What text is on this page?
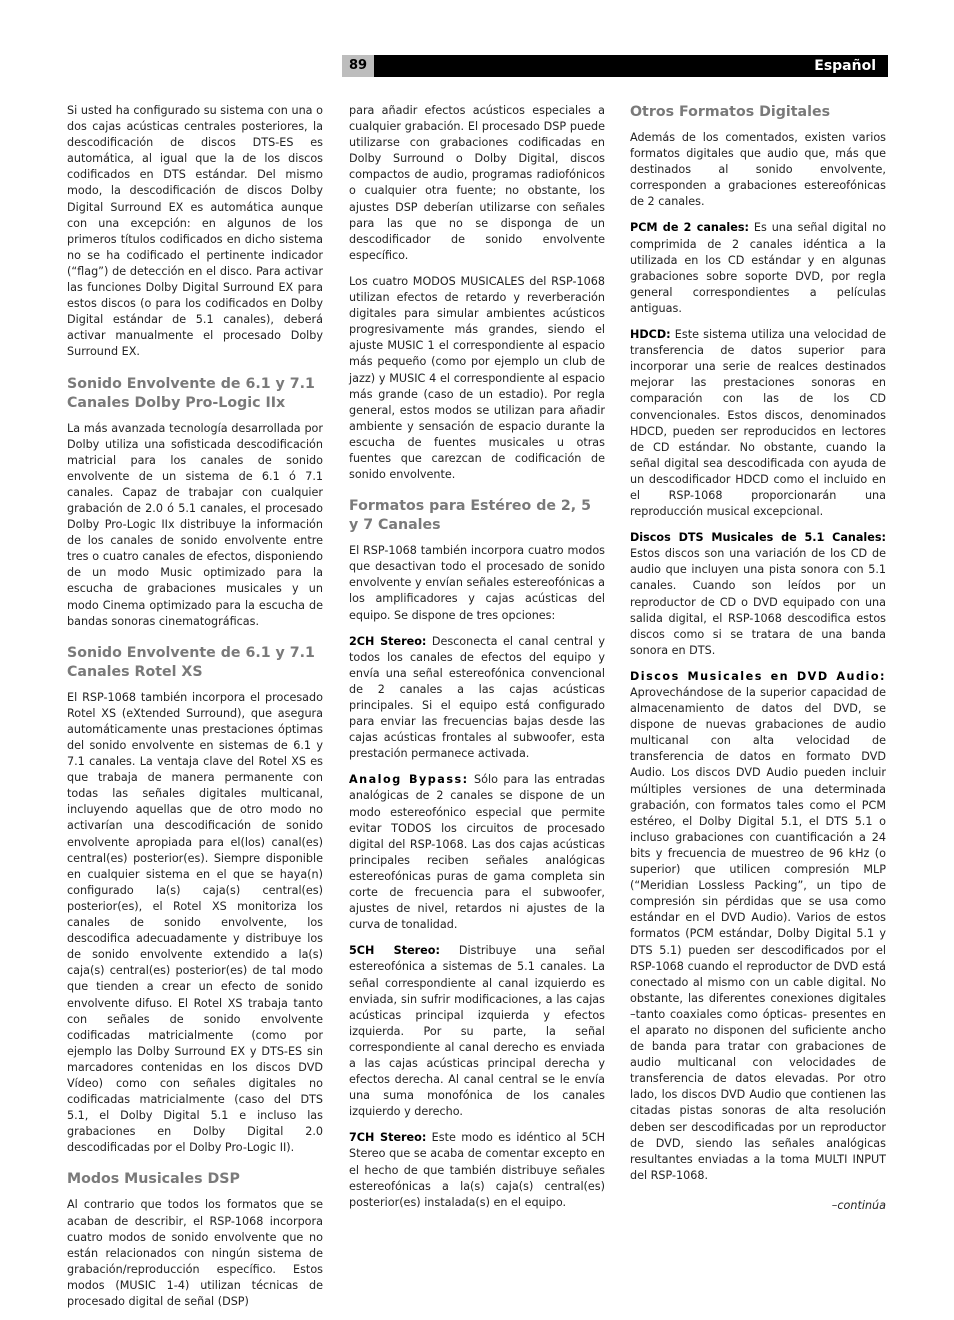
89	Español

Si usted ha configurado su sistema con una o dos cajas acústicas centrales posteriores, la descodificación de discos DTS-ES es automática, al igual que la de los discos codificados en DTS estándar. Del mismo modo, la descodificación de discos Dolby Digital Surround EX es automática aunque con una excepción: en algunos de los primeros títulos codificados en dicho sistema no se ha codificado el pertinente indicador (“flag”) de detección en el disco. Para activar las funciones Dolby Digital Surround EX para estos discos (o para los codificados en Dolby Digital estándar de 5.1 canales), deberá activar manualmente el procesado Dolby Surround EX.

Sonido Envolvente de 6.1 y 7.1 Canales Dolby Pro-Logic IIx

La más avanzada tecnología desarrollada por Dolby utiliza una sofisticada descodificación matricial para los canales de sonido envolvente de un sistema de 6.1 ó 7.1 canales. Capaz de trabajar con cualquier grabación de 2.0 ó 5.1 canales, el procesado Dolby Pro-Logic IIx distribuye la información de los canales de sonido envolvente entre tres o cuatro canales de efectos, disponiendo de un modo Music optimizado para la escucha de grabaciones musicales y un modo Cinema optimizado para la escucha de bandas sonoras cinematográficas.

Sonido Envolvente de 6.1 y 7.1 Canales Rotel XS

El RSP-1068 también incorpora el procesado Rotel XS (eXtended Surround), que asegura automáticamente unas prestaciones óptimas del sonido envolvente en sistemas de 6.1 y 7.1 canales. La ventaja clave del Rotel XS es que trabaja de manera permanente con todas las señales digitales multicanal, incluyendo aquellas que de otro modo no activarían una descodificación de sonido envolvente apropiada para el(los) canal(es) central(es) posterior(es). Siempre disponible en cualquier sistema en el que se haya(n) configurado la(s) caja(s) central(es) posterior(es), el Rotel XS monitoriza los canales de sonido envolvente, los descodifica adecuadamente y distribuye los de sonido envolvente extendido a la(s) caja(s) central(es) posterior(es) de tal modo que tienden a crear un efecto de sonido envolvente difuso. El Rotel XS trabaja tanto con señales de sonido envolvente codificadas matricialmente (como por ejemplo las Dolby Surround EX y DTS-ES sin marcadores contenidas en los discos DVD Vídeo) como con señales digitales no codificadas matricialmente (caso del DTS 5.1, el Dolby Digital 5.1 e incluso las grabaciones en Dolby Digital 2.0 descodificadas por el Dolby Pro-Logic II).

Modos Musicales DSP

Al contrario que todos los formatos que se acaban de describir, el RSP-1068 incorpora cuatro modos de sonido envolvente que no están relacionados con ningún sistema de grabación/reproducción específico. Estos modos (MUSIC 1-4) utilizan técnicas de procesado digital de señal (DSP)

para añadir efectos acústicos especiales a cualquier grabación. El procesado DSP puede utilizarse con grabaciones codificadas en Dolby Surround o Dolby Digital, discos compactos de audio, programas radiofónicos o cualquier otra fuente; no obstante, los ajustes DSP deberían utilizarse con señales para las que no se disponga de un descodificador de sonido envolvente específico.

Los cuatro MODOS MUSICALES del RSP-1068 utilizan efectos de retardo y reverberación digitales para simular ambientes acústicos progresivamente más grandes, siendo el ajuste MUSIC 1 el correspondiente al espacio más pequeño (como por ejemplo un club de jazz) y MUSIC 4 el correspondiente al espacio más grande (caso de un estadio). Por regla general, estos modos se utilizan para añadir ambiente y sensación de espacio durante la escucha de fuentes musicales u otras fuentes que carezcan de codificación de sonido envolvente.

Formatos para Estéreo de 2, 5 y 7 Canales

El RSP-1068 también incorpora cuatro modos que desactivan todo el procesado de sonido envolvente y envían señales estereofónicas a los amplificadores y cajas acústicas del equipo. Se dispone de tres opciones:

2CH Stereo: Desconecta el canal central y todos los canales de efectos del equipo y envía una señal estereofónica convencional de 2 canales a las cajas acústicas principales. Si el equipo está configurado para enviar las frecuencias bajas desde las cajas acústicas frontales al subwoofer, esta prestación permanece activada.

Analog Bypass: Sólo para las entradas analógicas de 2 canales se dispone de un modo estereofónico especial que permite evitar TODOS los circuitos de procesado digital del RSP-1068. Las dos cajas acústicas principales reciben señales analógicas estereofónicas puras de gama completa sin corte de frecuencia para el subwoofer, ajustes de nivel, retardos ni ajustes de la curva de tonalidad.

5CH Stereo: Distribuye una señal estereofónica a sistemas de 5.1 canales. La señal correspondiente al canal izquierdo es enviada, sin sufrir modificaciones, a las cajas acústicas principal izquierda y efectos izquierda. Por su parte, la señal correspondiente al canal derecho es enviada a las cajas acústicas principal derecha y efectos derecha. Al canal central se le envía una suma monofónica de los canales izquierdo y derecho.

7CH Stereo: Este modo es idéntico al 5CH Stereo que se acaba de comentar excepto en el hecho de que también distribuye señales estereofónicas a la(s) caja(s) central(es) posterior(es) instalada(s) en el equipo.

Otros Formatos Digitales

Además de los comentados, existen varios formatos digitales que audio que, más que destinados al sonido envolvente, corresponden a grabaciones estereofónicas de 2 canales.

PCM de 2 canales: Es una señal digital no comprimida de 2 canales idéntica a la utilizada en los CD estándar y en algunas grabaciones sobre soporte DVD, por regla general correspondientes a películas antiguas.

HDCD: Este sistema utiliza una velocidad de transferencia de datos superior para incorporar una serie de realces destinados mejorar las prestaciones sonoras en comparación con las de los CD convencionales. Estos discos, denominados HDCD, pueden ser reproducidos en lectores de CD estándar. No obstante, cuando la señal digital sea descodificada con ayuda de un descodificador HDCD como el incluido en el RSP-1068 proporcionarán una reproducción musical excepcional.

Discos DTS Musicales de 5.1 Canales: Estos discos son una variación de los CD de audio que incluyen una pista sonora con 5.1 canales. Cuando son leídos por un reproductor de CD o DVD equipado con una salida digital, el RSP-1068 descodifica estos discos como si se tratara de una banda sonora en DTS.

Discos Musicales en DVD Audio: Aprovechándose de la superior capacidad de almacenamiento de datos del DVD, se dispone de nuevas grabaciones de audio multicanal con alta velocidad de transferencia de datos en formato DVD Audio. Los discos DVD Audio pueden incluir múltiples versiones de una determinada grabación, con formatos tales como el PCM estéreo, el Dolby Digital 5.1, el DTS 5.1 o incluso grabaciones con cuantificación a 24 bits y frecuencia de muestreo de 96 kHz (o superior) que utilicen compresión MLP (“Meridian Lossless Packing”, un tipo de compresión sin pérdidas que se usa como estándar en el DVD Audio). Varios de estos formatos (PCM estándar, Dolby Digital 5.1 y DTS 5.1) pueden ser descodificados por el RSP-1068 cuando el reproductor de DVD está conectado al mismo con un cable digital. No obstante, las diferentes conexiones digitales –tanto coaxiales como ópticas- presentes en el aparato no disponen del suficiente ancho de banda para tratar con grabaciones de audio multicanal con velocidades de transferencia de datos elevadas. Por otro lado, los discos DVD Audio que contienen las citadas pistas sonoras de alta resolución deben ser descodificadas por un reproductor de DVD, siendo las señales analógicas resultantes enviadas a la toma MULTI INPUT del RSP-1068.

–continúa
